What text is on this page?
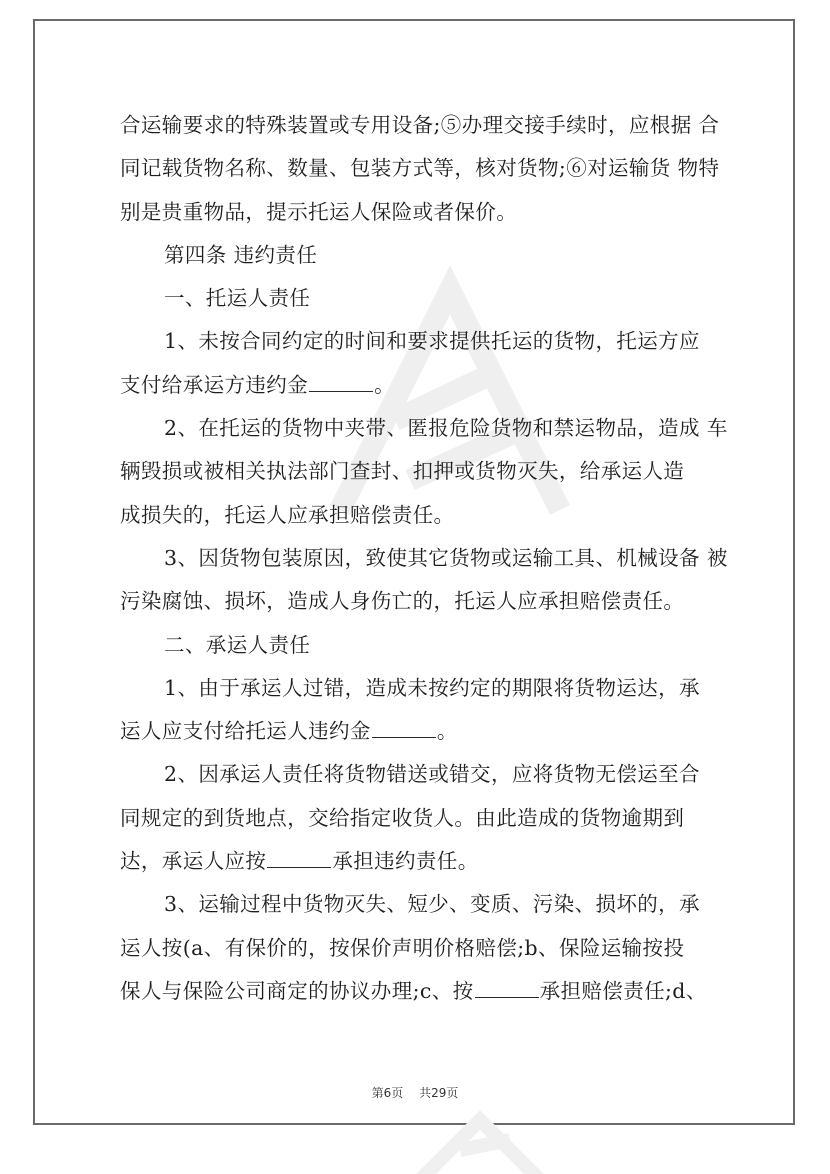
合运输要求的特殊装置或专用设备;⑤办理交接手续时，应根据 合
同记载货物名称、数量、包装方式等，核对货物;⑥对运输货 物特
别是贵重物品，提示托运人保险或者保价。
第四条 违约责任
一、托运人责任
1、未按合同约定的时间和要求提供托运的货物，托运方应
支付给承运方违约金	。
2、在托运的货物中夹带、匿报危险货物和禁运物品，造成 车
辆毁损或被相关执法部门查封、扣押或货物灭失，给承运人造
成损失的，托运人应承担赔偿责任。
3、因货物包装原因，致使其它货物或运输工具、机械设备 被
污染腐蚀、损坏，造成人身伤亡的，托运人应承担赔偿责任。
二、承运人责任
1、由于承运人过错，造成未按约定的期限将货物运达，承
运人应支付给托运人违约金	。
2、因承运人责任将货物错送或错交，应将货物无偿运至合
同规定的到货地点，交给指定收货人。由此造成的货物逾期到
达，承运人应按	承担违约责任。
3、运输过程中货物灭失、短少、变质、污染、损坏的，承
运人按(a、有保价的，按保价声明价格赔偿;b、保险运输按投
保人与保险公司商定的协议办理;c、按	承担赔偿责任;d、
第6页 共29页
